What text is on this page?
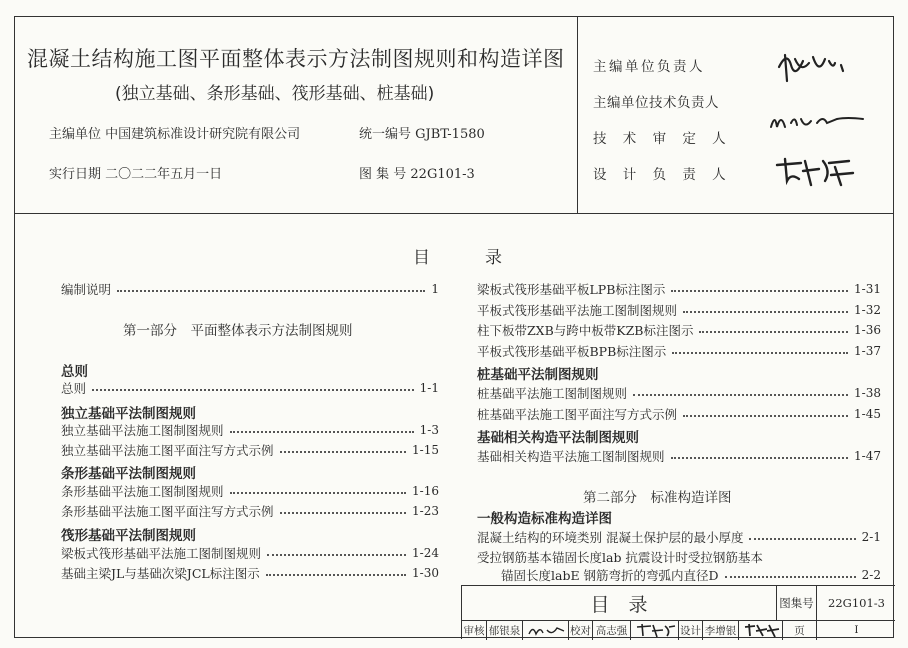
混凝土结构施工图平面整体表示方法制图规则和构造详图
(独立基础、条形基础、筏形基础、桩基础)
主编单位 中国建筑标准设计研究院有限公司	统一编号 GJBT-1580
实行日期 二〇二二年五月一日	图 集 号 22G101-3
主编单位负责人
主编单位技术负责人
技 术 审 定 人
设 计 负 责 人
目	录
编制说明	1
第一部分　平面整体表示方法制图规则
总则
总则	1-1
独立基础平法制图规则
独立基础平法施工图制图规则	1-3
独立基础平法施工图平面注写方式示例	1-15
条形基础平法制图规则
条形基础平法施工图制图规则	1-16
条形基础平法施工图平面注写方式示例	1-23
筏形基础平法制图规则
梁板式筏形基础平法施工图制图规则	1-24
基础主梁JL与基础次梁JCL标注图示	1-30
梁板式筏形基础平板LPB标注图示	1-31
平板式筏形基础平法施工图制图规则	1-32
柱下板带ZXB与跨中板带KZB标注图示	1-36
平板式筏形基础平板BPB标注图示	1-37
桩基础平法制图规则
桩基础平法施工图制图规则	1-38
桩基础平法施工图平面注写方式示例	1-45
基础相关构造平法制图规则
基础相关构造平法施工图制图规则	1-47
第二部分　标准构造详图
一般构造标准构造详图
混凝土结构的环境类别 混凝土保护层的最小厚度	2-1
受拉钢筋基本锚固长度lab 抗震设计时受拉钢筋基本
锚固长度labE 钢筋弯折的弯弧内直径D	2-2
目　录	图集号	22G101-3
审核 郁银泉	校对 高志强	设计 李增银	页	I
